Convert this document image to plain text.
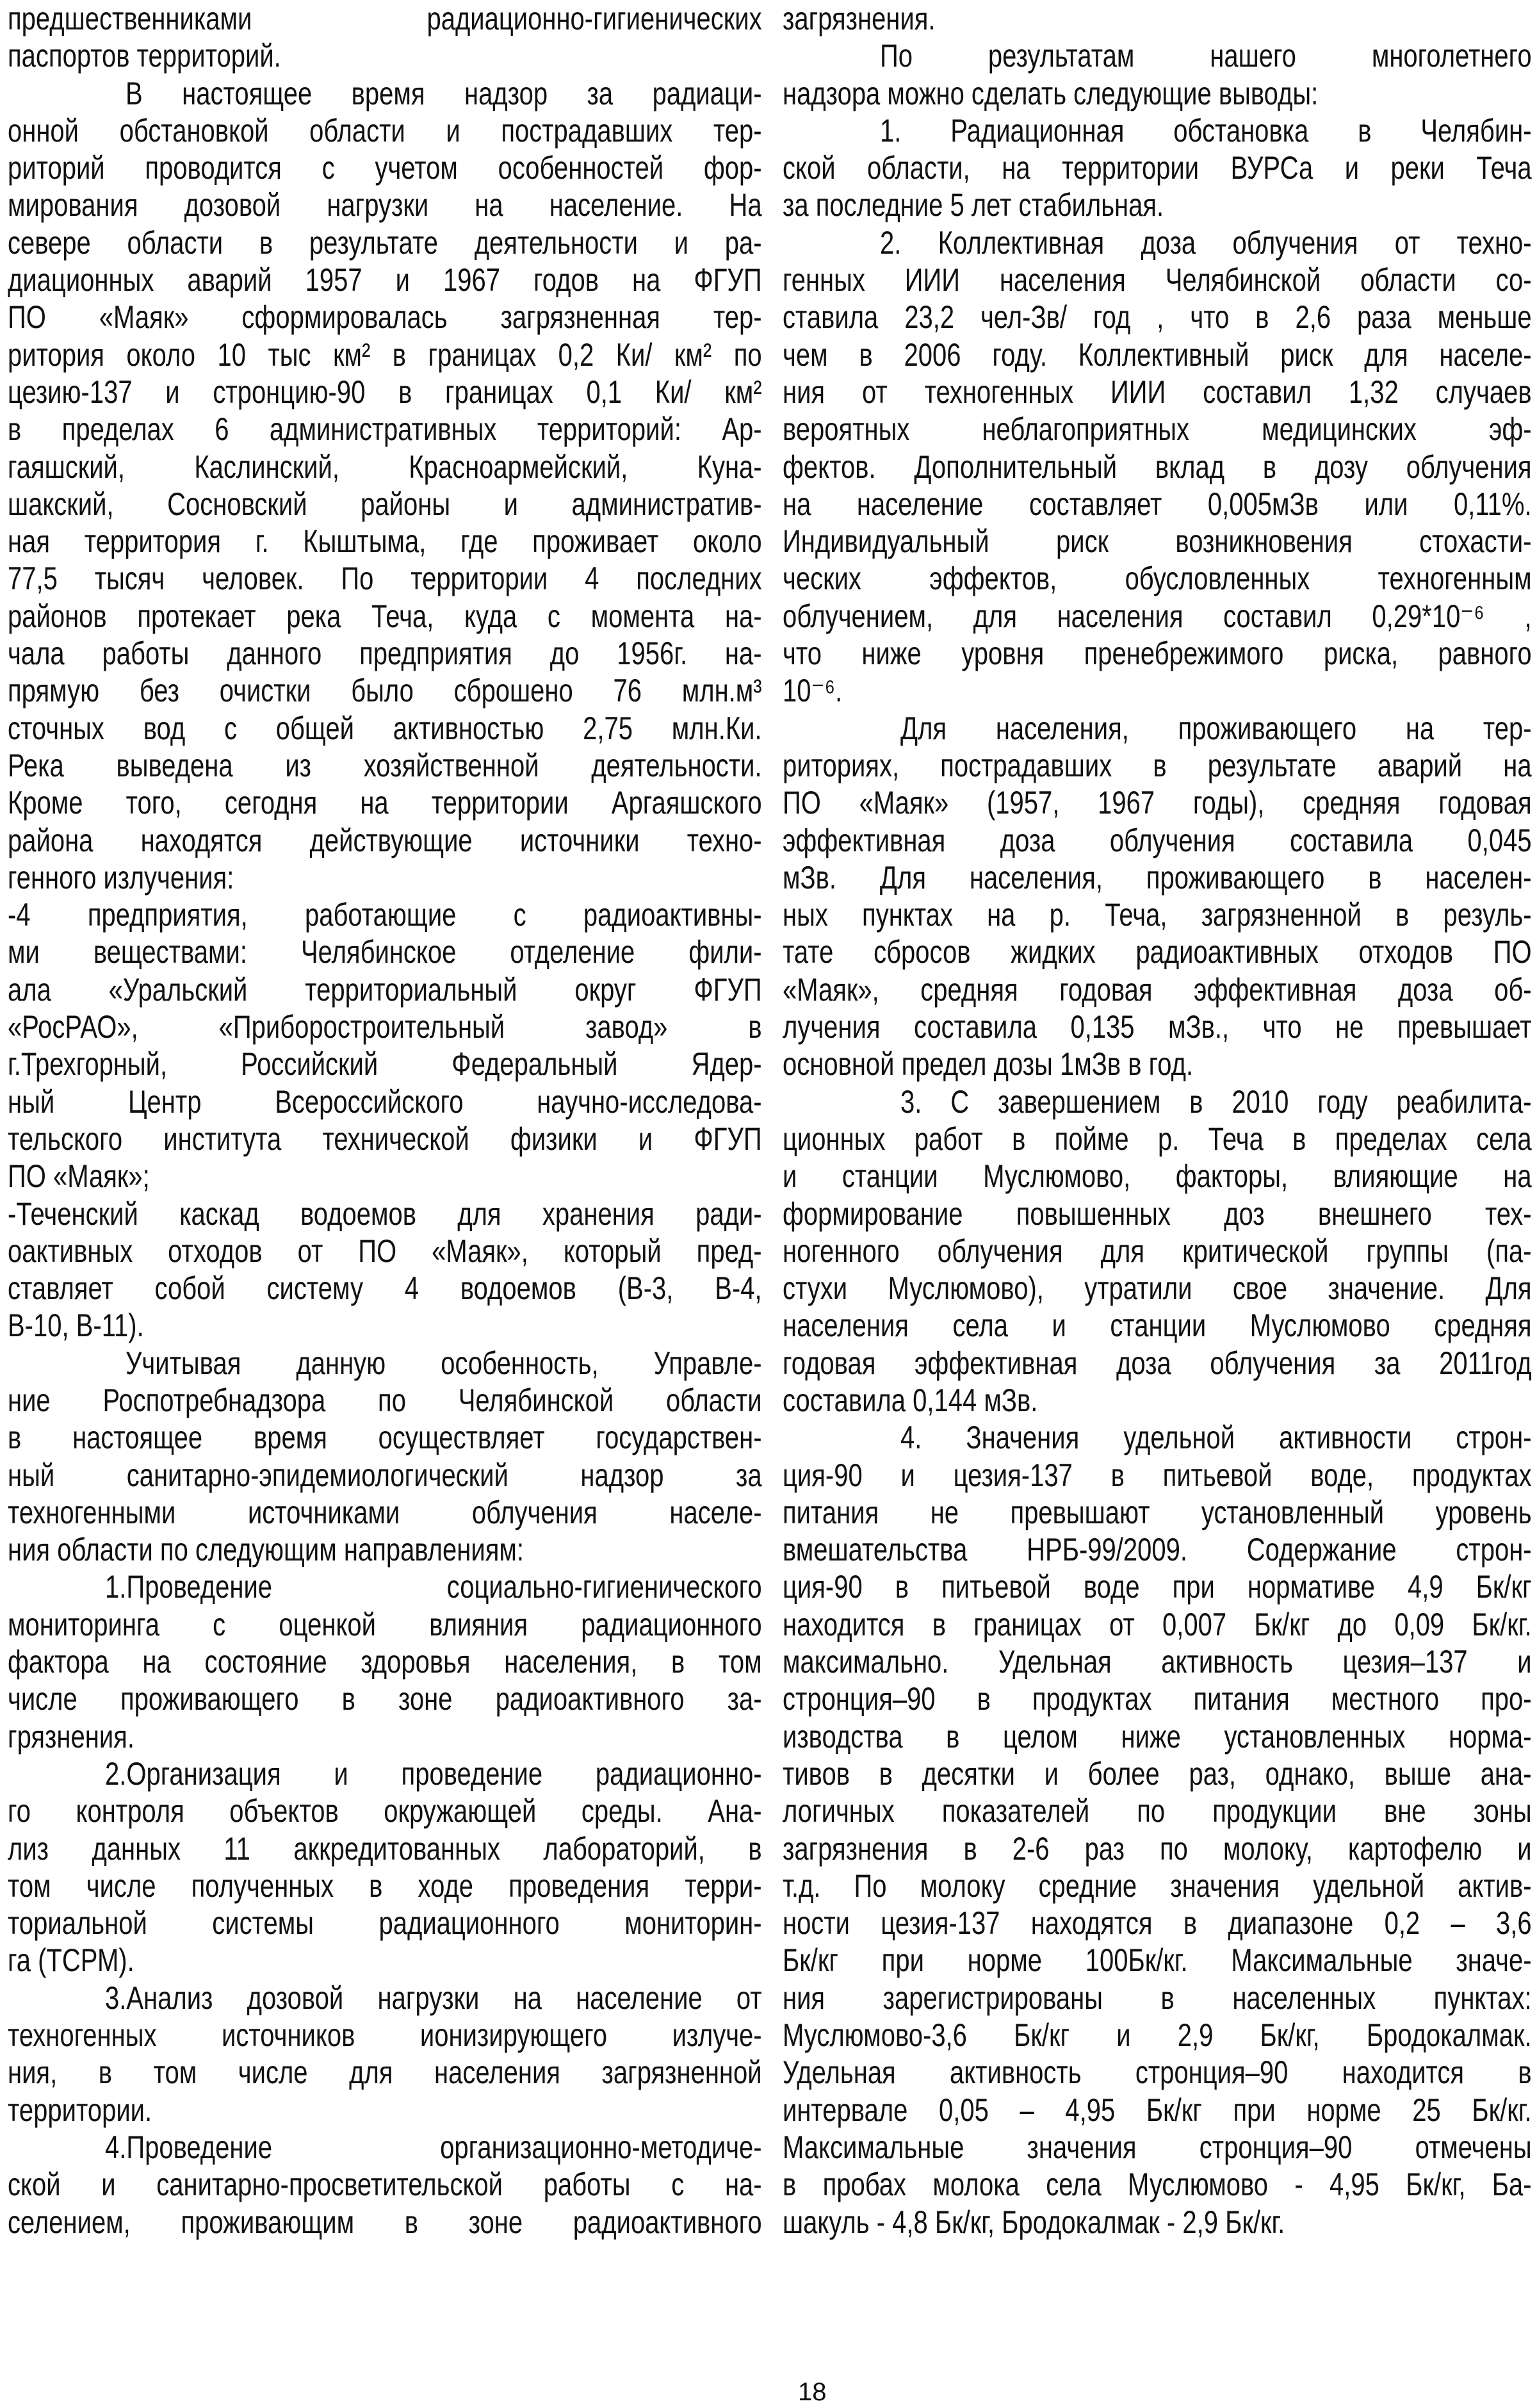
предшественниками радиационно-гигиенических
паспортов территорий.
В настоящее время надзор за радиаци-
онной обстановкой области и пострадавших тер-
риторий проводится с учетом особенностей фор-
мирования дозовой нагрузки на население. На
севере области в результате деятельности и ра-
диационных аварий 1957 и 1967 годов на ФГУП
ПО «Маяк» сформировалась загрязненная тер-
ритория около 10 тыс км² в границах 0,2 Ки/ км² по
цезию-137 и стронцию-90 в границах 0,1 Ки/ км²
в пределах 6 административных территорий: Ар-
гаяшский, Каслинский, Красноармейский, Куна-
шакский, Сосновский районы и административ-
ная территория г. Кыштыма, где проживает около
77,5 тысяч человек. По территории 4 последних
районов протекает река Теча, куда с момента на-
чала работы данного предприятия до 1956г. на-
прямую без очистки было сброшено 76 млн.м³
сточных вод с общей активностью 2,75 млн.Ки.
Река выведена из хозяйственной деятельности.
Кроме того, сегодня на территории Аргаяшского
района находятся действующие источники техно-
генного излучения:
-4 предприятия, работающие с радиоактивны-
ми веществами: Челябинское отделение фили-
ала «Уральский территориальный округ ФГУП
«РосРАО», «Приборостроительный завод» в
г.Трехгорный, Российский Федеральный Ядер-
ный Центр Всероссийского научно-исследова-
тельского института технической физики и ФГУП
ПО «Маяк»;
-Теченский каскад водоемов для хранения ради-
оактивных отходов от ПО «Маяк», который пред-
ставляет собой систему 4 водоемов (В-3, В-4,
В-10, В-11).
Учитывая данную особенность, Управле-
ние Роспотребнадзора по Челябинской области
в настоящее время осуществляет государствен-
ный санитарно-эпидемиологический надзор за
техногенными источниками облучения населе-
ния области по следующим направлениям:
1.Проведение социально-гигиенического
мониторинга с оценкой влияния радиационного
фактора на состояние здоровья населения, в том
числе проживающего в зоне радиоактивного за-
грязнения.
2.Организация и проведение радиационно-
го контроля объектов окружающей среды. Ана-
лиз данных 11 аккредитованных лабораторий, в
том числе полученных в ходе проведения терри-
ториальной системы радиационного мониторин-
га (ТСРМ).
3.Анализ дозовой нагрузки на население от
техногенных источников ионизирующего излуче-
ния, в том числе для населения загрязненной
территории.
4.Проведение организационно-методиче-
ской и санитарно-просветительской работы с на-
селением, проживающим в зоне радиоактивного
загрязнения.
По результатам нашего многолетнего
надзора можно сделать следующие выводы:
1. Радиационная обстановка в Челябин-
ской области, на территории ВУРСа и реки Теча
за последние 5 лет стабильная.
2. Коллективная доза облучения от техно-
генных ИИИ населения Челябинской области со-
ставила 23,2 чел-Зв/ год , что в 2,6 раза меньше
чем в 2006 году. Коллективный риск для населе-
ния от техногенных ИИИ составил 1,32 случаев
вероятных неблагоприятных медицинских эф-
фектов. Дополнительный вклад в дозу облучения
на население составляет 0,005мЗв или 0,11%.
Индивидуальный риск возникновения стохасти-
ческих эффектов, обусловленных техногенным
облучением, для населения составил 0,29*10⁻⁶ ,
что ниже уровня пренебрежимого риска, равного
10⁻⁶.
Для населения, проживающего на тер-
риториях, пострадавших в результате аварий на
ПО «Маяк» (1957, 1967 годы), средняя годовая
эффективная доза облучения составила 0,045
мЗв. Для населения, проживающего в населен-
ных пунктах на р. Теча, загрязненной в резуль-
тате сбросов жидких радиоактивных отходов ПО
«Маяк», средняя годовая эффективная доза об-
лучения составила 0,135 мЗв., что не превышает
основной предел дозы 1мЗв в год.
3. С завершением в 2010 году реабилита-
ционных работ в пойме р. Теча в пределах села
и станции Муслюмово, факторы, влияющие на
формирование повышенных доз внешнего тех-
ногенного облучения для критической группы (па-
стухи Муслюмово), утратили свое значение. Для
населения села и станции Муслюмово средняя
годовая эффективная доза облучения за 2011год
составила 0,144 мЗв.
4. Значения удельной активности строн-
ция-90 и цезия-137 в питьевой воде, продуктах
питания не превышают установленный уровень
вмешательства НРБ-99/2009. Содержание строн-
ция-90 в питьевой воде при нормативе 4,9 Бк/кг
находится в границах от 0,007 Бк/кг до 0,09 Бк/кг.
максимально. Удельная активность цезия–137 и
стронция–90 в продуктах питания местного про-
изводства в целом ниже установленных норма-
тивов в десятки и более раз, однако, выше ана-
логичных показателей по продукции вне зоны
загрязнения в 2-6 раз по молоку, картофелю и
т.д. По молоку средние значения удельной актив-
ности цезия-137 находятся в диапазоне 0,2 – 3,6
Бк/кг при норме 100Бк/кг. Максимальные значе-
ния зарегистрированы в населенных пунктах:
Муслюмово-3,6 Бк/кг и 2,9 Бк/кг, Бродокалмак.
Удельная активность стронция–90 находится в
интервале 0,05 – 4,95 Бк/кг при норме 25 Бк/кг.
Максимальные значения стронция–90 отмечены
в пробах молока села Муслюмово - 4,95 Бк/кг, Ба-
шакуль - 4,8 Бк/кг, Бродокалмак - 2,9 Бк/кг.
18
